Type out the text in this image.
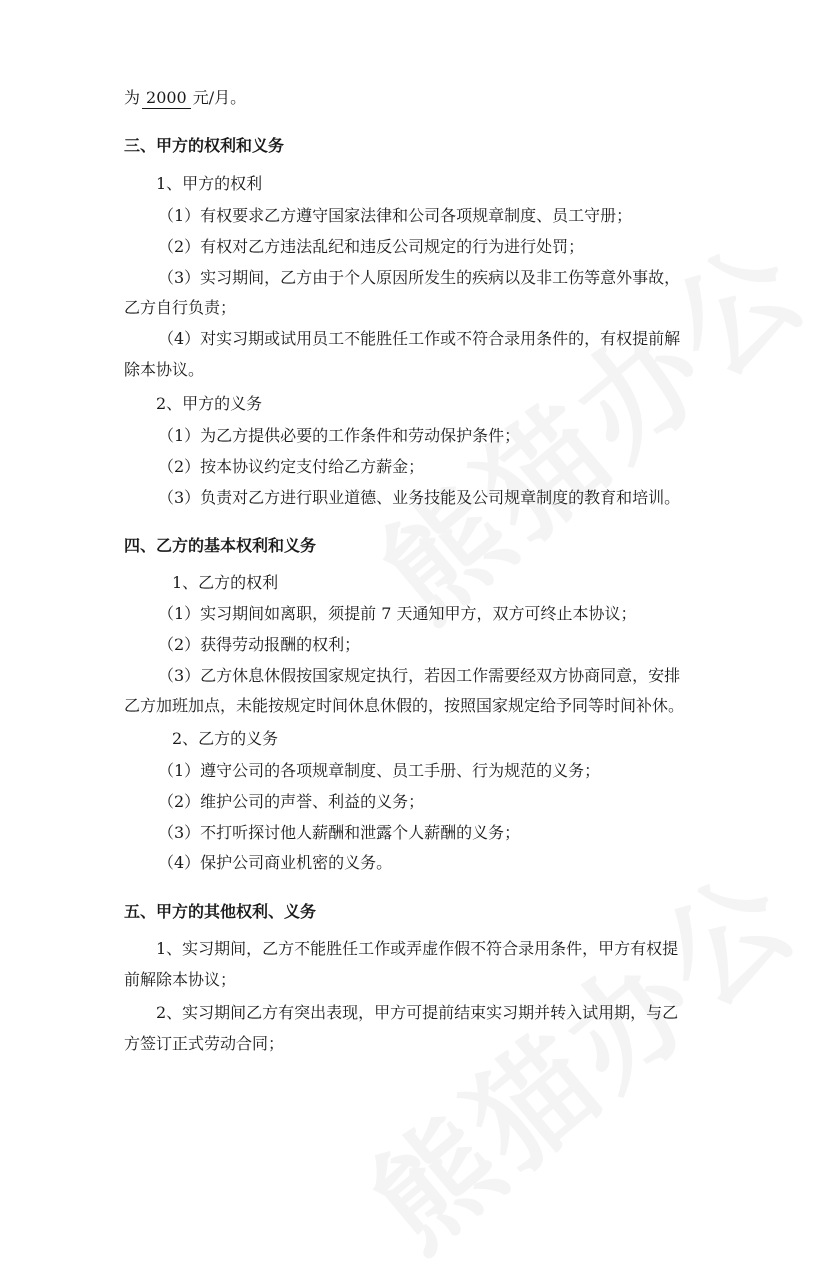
为 2000 元/月。
三、甲方的权利和义务
1、甲方的权利
（1）有权要求乙方遵守国家法律和公司各项规章制度、员工守册；
（2）有权对乙方违法乱纪和违反公司规定的行为进行处罚；
（3）实习期间，乙方由于个人原因所发生的疾病以及非工伤等意外事故，
乙方自行负责；
（4）对实习期或试用员工不能胜任工作或不符合录用条件的，有权提前解
除本协议。
2、甲方的义务
（1）为乙方提供必要的工作条件和劳动保护条件；
（2）按本协议约定支付给乙方薪金；
（3）负责对乙方进行职业道德、业务技能及公司规章制度的教育和培训。
四、乙方的基本权利和义务
1、乙方的权利
（1）实习期间如离职，须提前 7 天通知甲方，双方可终止本协议；
（2）获得劳动报酬的权利；
（3）乙方休息休假按国家规定执行，若因工作需要经双方协商同意，安排
乙方加班加点，未能按规定时间休息休假的，按照国家规定给予同等时间补休。
2、乙方的义务
（1）遵守公司的各项规章制度、员工手册、行为规范的义务；
（2）维护公司的声誉、利益的义务；
（3）不打听探讨他人薪酬和泄露个人薪酬的义务；
（4）保护公司商业机密的义务。
五、甲方的其他权利、义务
1、实习期间，乙方不能胜任工作或弄虚作假不符合录用条件，甲方有权提
前解除本协议；
2、实习期间乙方有突出表现，甲方可提前结束实习期并转入试用期，与乙
方签订正式劳动合同；
